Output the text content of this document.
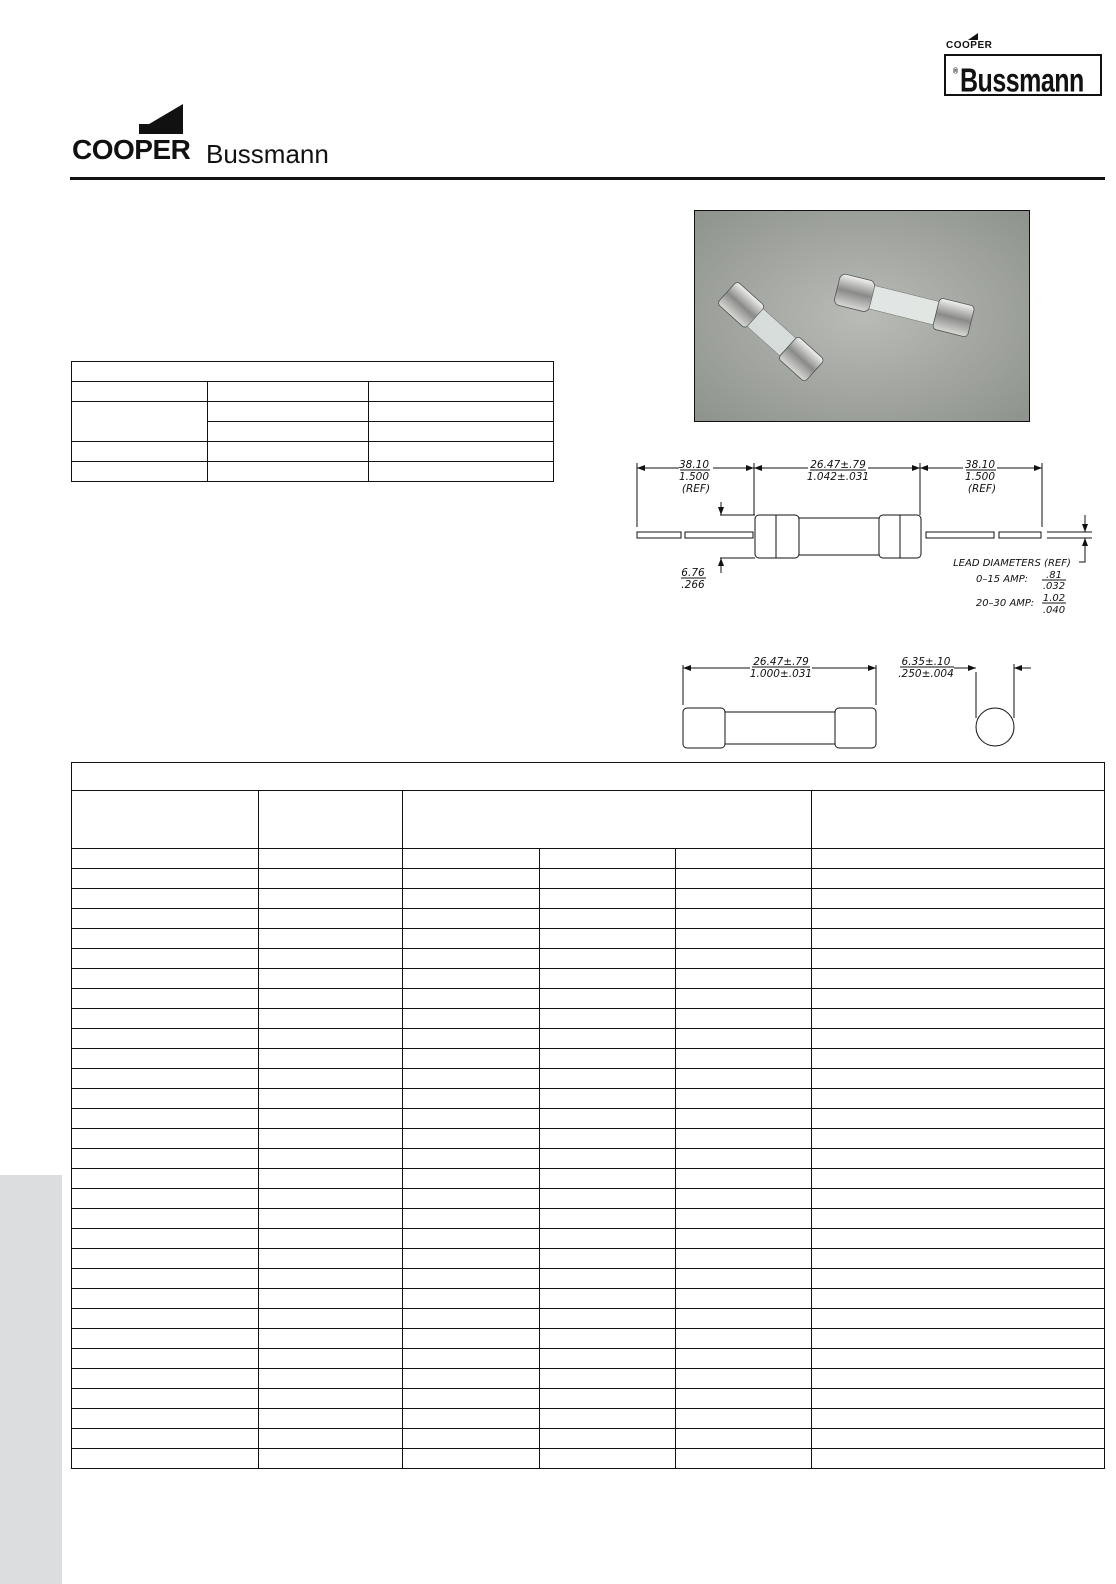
COOPER
Bussmann
®
COOPER Bussmann

38.10
1.500
(REF)
26.47±.79
1.042±.031
38.10
1.500
(REF)
6.76
.266
LEAD DIAMETERS (REF)
0–15 AMP: .81
.032
20–30 AMP: 1.02
.040
26.47±.79
1.000±.031
6.35±.10
.250±.004
